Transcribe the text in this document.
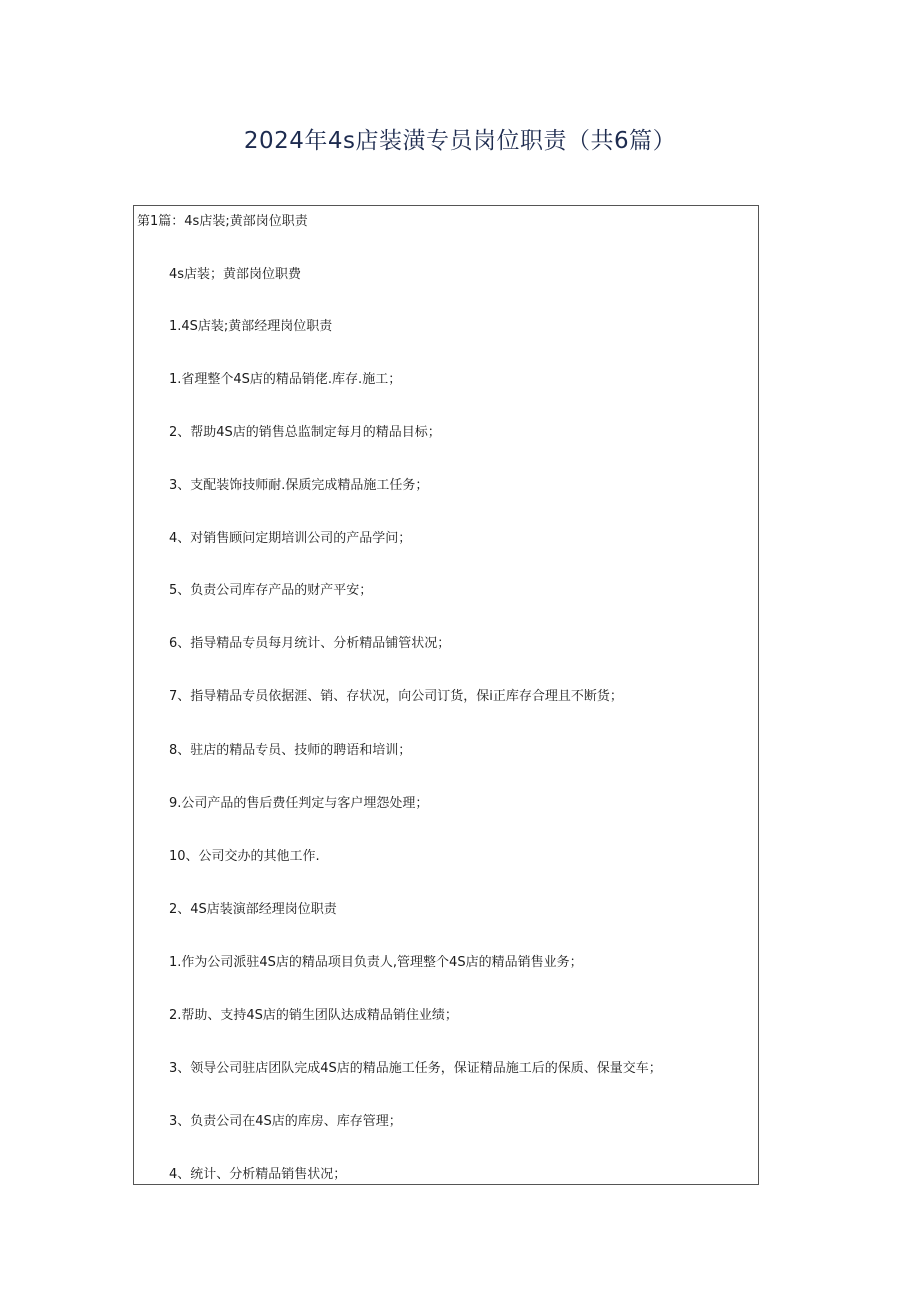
2024年4s店装潢专员岗位职责（共6篇）
第1篇：4s店装;黄部岗位职责
4s店装；黄部岗位职费
1.4S店装;黄部经理岗位职责
1.省理整个4S店的精品销佬.库存.施工；
2、帮助4S店的销售总监制定每月的精品目标；
3、支配装饰技师耐.保质完成精品施工任务；
4、对销售顾问定期培训公司的产品学问；
5、负责公司库存产品的财产平安；
6、指导精品专员每月统计、分析精品铺管状况；
7、指导精品专员依据涯、销、存状况，向公司订货，保i正库存合理且不断货；
8、驻店的精品专员、技师的聘语和培训；
9.公司产品的售后费任判定与客户埋怨处理；
10、公司交办的其他工作.
2、4S店装演部经理岗位职责
1.作为公司派驻4S店的精品项目负责人,管理整个4S店的精品销售业务；
2.帮助、支持4S店的销生团队达成精品销住业绩；
3、领导公司驻店团队完成4S店的精品施工任务，保证精品施工后的保质、保量交车；
3、负责公司在4S店的库房、库存管理；
4、统计、分析精品销售状况；
